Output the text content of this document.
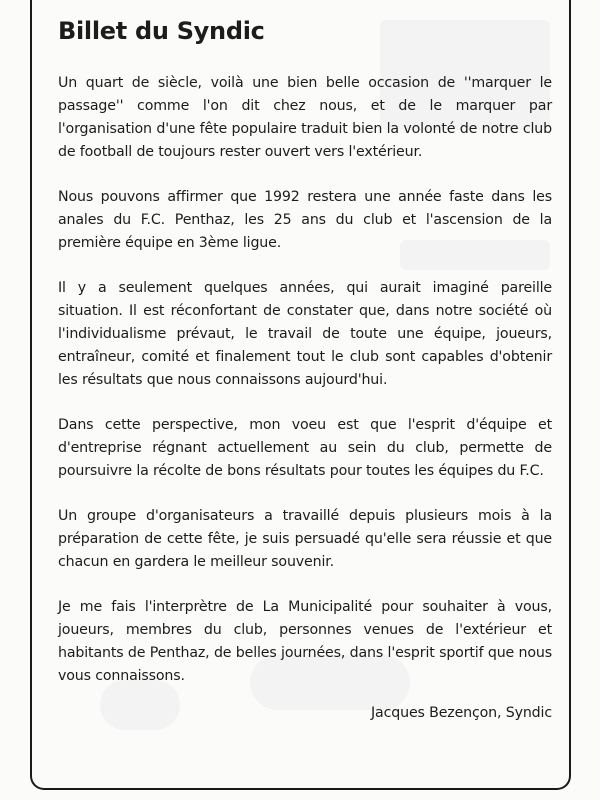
Billet du Syndic

Un quart de siècle, voilà une bien belle occasion de ''marquer le passage'' comme l'on dit chez nous, et de le marquer par l'organisation d'une fête populaire traduit bien la volonté de notre club de football de toujours rester ouvert vers l'extérieur.

Nous pouvons affirmer que 1992 restera une année faste dans les anales du F.C. Penthaz, les 25 ans du club et l'ascension de la première équipe en 3ème ligue.

Il y a seulement quelques années, qui aurait imaginé pareille situation. Il est réconfortant de constater que, dans notre société où l'individualisme prévaut, le travail de toute une équipe, joueurs, entraîneur, comité et finalement tout le club sont capables d'obtenir les résultats que nous connaissons aujourd'hui.

Dans cette perspective, mon voeu est que l'esprit d'équipe et d'entreprise régnant actuellement au sein du club, permette de poursuivre la récolte de bons résultats pour toutes les équipes du F.C.

Un groupe d'organisateurs a travaillé depuis plusieurs mois à la préparation de cette fête, je suis persuadé qu'elle sera réussie et que chacun en gardera le meilleur souvenir.

Je me fais l'interprètre de La Municipalité pour souhaiter à vous, joueurs, membres du club, personnes venues de l'extérieur et habitants de Penthaz, de belles journées, dans l'esprit sportif que nous vous connaissons.

Jacques Bezençon, Syndic
